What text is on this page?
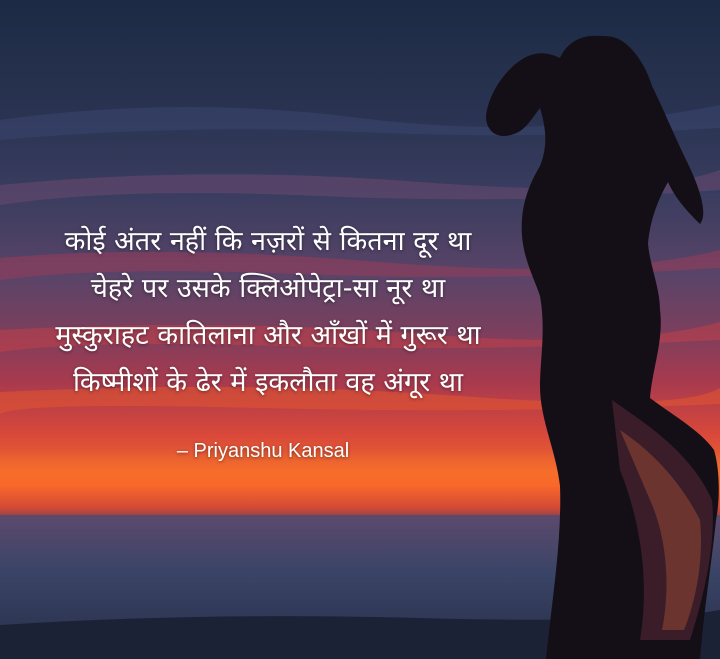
कोई अंतर नहीं कि नज़रों से कितना दूर था
चेहरे पर उसके क्लिओपेट्रा-सा नूर था
मुस्कुराहट कातिलाना और आँखों में गुरूर था
किष्मीशों के ढेर में इकलौता वह अंगूर था
– Priyanshu Kansal
